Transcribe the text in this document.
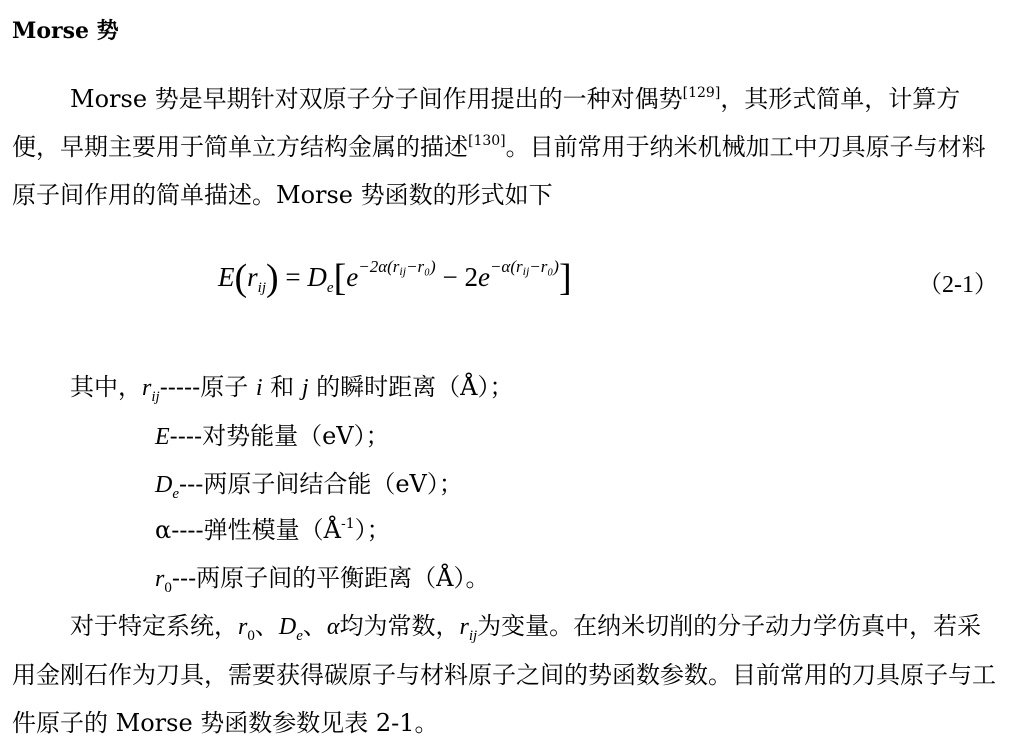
Morse 势
Morse 势是早期针对双原子分子间作用提出的一种对偶势[129]，其形式简单，计算方便，早期主要用于简单立方结构金属的描述[130]。目前常用于纳米机械加工中刀具原子与材料原子间作用的简单描述。Morse 势函数的形式如下
$E(r_{ij}) = D_e[e^{-2\alpha(r_{ij}-r_0)} - 2e^{-\alpha(r_{ij}-r_0)}]$	（2-1）
其中，$r_{ij}-----$原子 i 和 j 的瞬时距离（Å）；
E----对势能量（eV）；
$D_e---$两原子间结合能（eV）；
α----弹性模量$(Å^{-1})$；
$r_0---$两原子间的平衡距离（Å）。
对于特定系统，$r_0$、$D_e$、α均为常数，$r_{ij}$为变量。在纳米切削的分子动力学仿真中，若采用金刚石作为刀具，需要获得碳原子与材料原子之间的势函数参数。目前常用的刀具原子与工件原子的 Morse 势函数参数见表 2-1。
